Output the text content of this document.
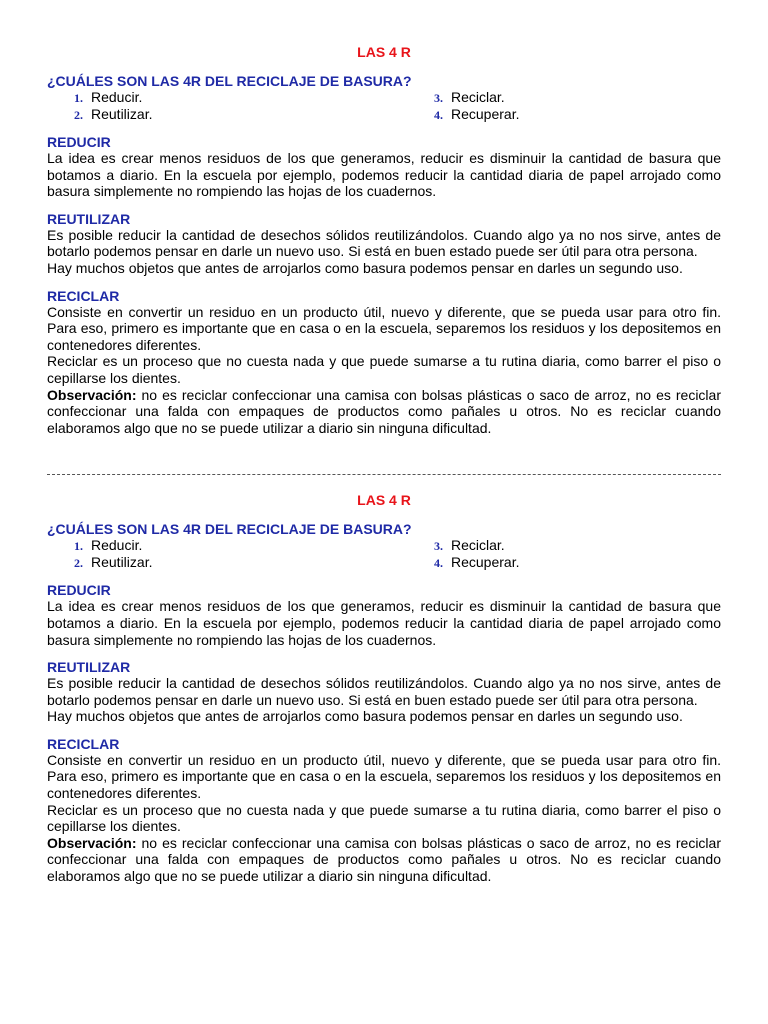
LAS 4 R

¿CUÁLES SON LAS 4R DEL RECICLAJE DE BASURA?

1. Reducir.
2. Reutilizar.
3. Reciclar.
4. Recuperar.
REDUCIR

La idea es crear menos residuos de los que generamos, reducir es disminuir la cantidad de basura que botamos a diario. En la escuela por ejemplo, podemos reducir la cantidad diaria de papel arrojado como basura simplemente no rompiendo las hojas de los cuadernos.

REUTILIZAR

Es posible reducir la cantidad de desechos sólidos reutilizándolos. Cuando algo ya no nos sirve, antes de botarlo podemos pensar en darle un nuevo uso. Si está en buen estado puede ser útil para otra persona.

Hay muchos objetos que antes de arrojarlos como basura podemos pensar en darles un segundo uso.

RECICLAR

Consiste en convertir un residuo en un producto útil, nuevo y diferente, que se pueda usar para otro fin. Para eso, primero es importante que en casa o en la escuela, separemos los residuos y los depositemos en contenedores diferentes.

Reciclar es un proceso que no cuesta nada y que puede sumarse a tu rutina diaria, como barrer el piso o cepillarse los dientes.

Observación: no es reciclar confeccionar una camisa con bolsas plásticas o saco de arroz, no es reciclar confeccionar una falda con empaques de productos como pañales u otros. No es reciclar cuando elaboramos algo que no se puede utilizar a diario sin ninguna dificultad.

LAS 4 R

¿CUÁLES SON LAS 4R DEL RECICLAJE DE BASURA?

1. Reducir.
2. Reutilizar.
3. Reciclar.
4. Recuperar.
REDUCIR

La idea es crear menos residuos de los que generamos, reducir es disminuir la cantidad de basura que botamos a diario. En la escuela por ejemplo, podemos reducir la cantidad diaria de papel arrojado como basura simplemente no rompiendo las hojas de los cuadernos.

REUTILIZAR

Es posible reducir la cantidad de desechos sólidos reutilizándolos. Cuando algo ya no nos sirve, antes de botarlo podemos pensar en darle un nuevo uso. Si está en buen estado puede ser útil para otra persona.

Hay muchos objetos que antes de arrojarlos como basura podemos pensar en darles un segundo uso.

RECICLAR

Consiste en convertir un residuo en un producto útil, nuevo y diferente, que se pueda usar para otro fin. Para eso, primero es importante que en casa o en la escuela, separemos los residuos y los depositemos en contenedores diferentes.

Reciclar es un proceso que no cuesta nada y que puede sumarse a tu rutina diaria, como barrer el piso o cepillarse los dientes.

Observación: no es reciclar confeccionar una camisa con bolsas plásticas o saco de arroz, no es reciclar confeccionar una falda con empaques de productos como pañales u otros. No es reciclar cuando elaboramos algo que no se puede utilizar a diario sin ninguna dificultad.
